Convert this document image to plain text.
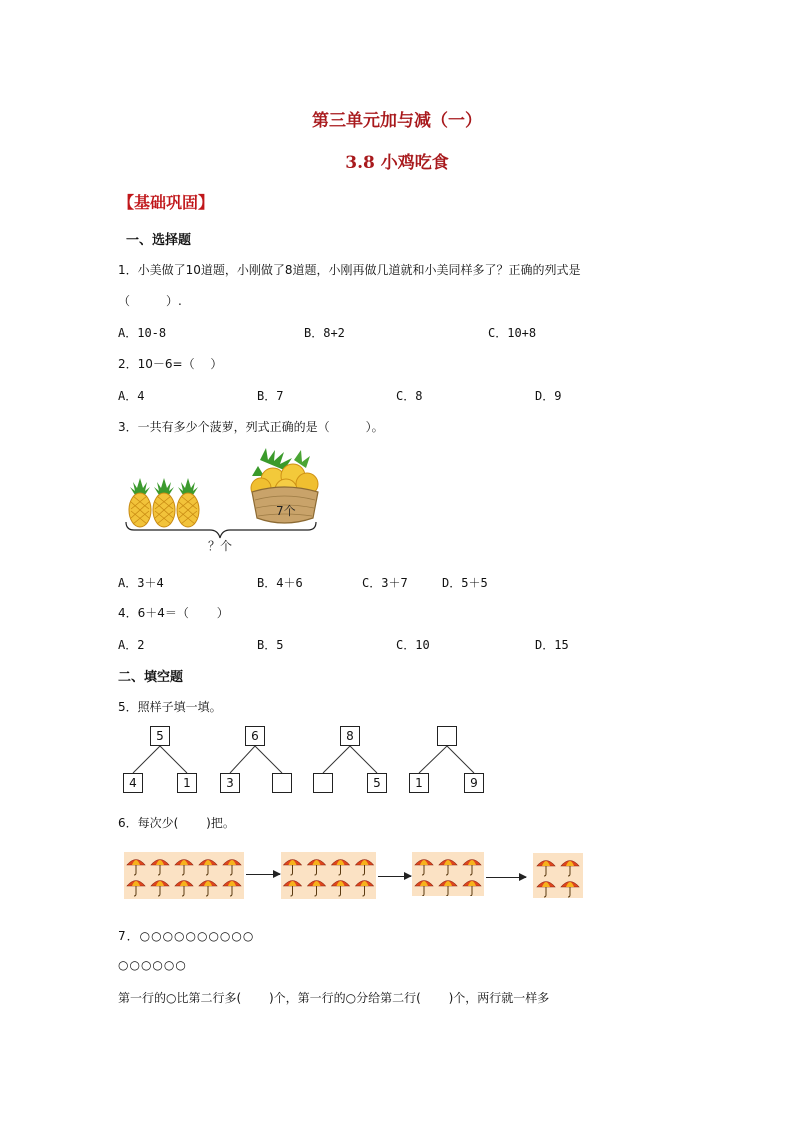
第三单元加与减（一）
3.8 小鸡吃食
【基础巩固】
一、选择题
1．小美做了10道题，小刚做了8道题，小刚再做几道就和小美同样多了？正确的列式是
（　　　）.
A．10-8	B．8+2	C．10+8
2．10－6=（　 ）
A．4	B．7	C．8	D．9
3．一共有多少个菠萝，列式正确的是（　　　）。
7个
？个
A．3＋4	B．4＋6	C．3＋7	D．5＋5
4．6＋4＝（　　 ）
A．2	B．5	C．10	D．15
二、填空题
5．照样子填一填。
5
4	1
6
3
8
5	1	9
6．每次少(　　 )把。
7．○○○○○○○○○○
○○○○○○
第一行的○比第二行多(　　 )个，第一行的○分给第二行(　　 )个，两行就一样多
